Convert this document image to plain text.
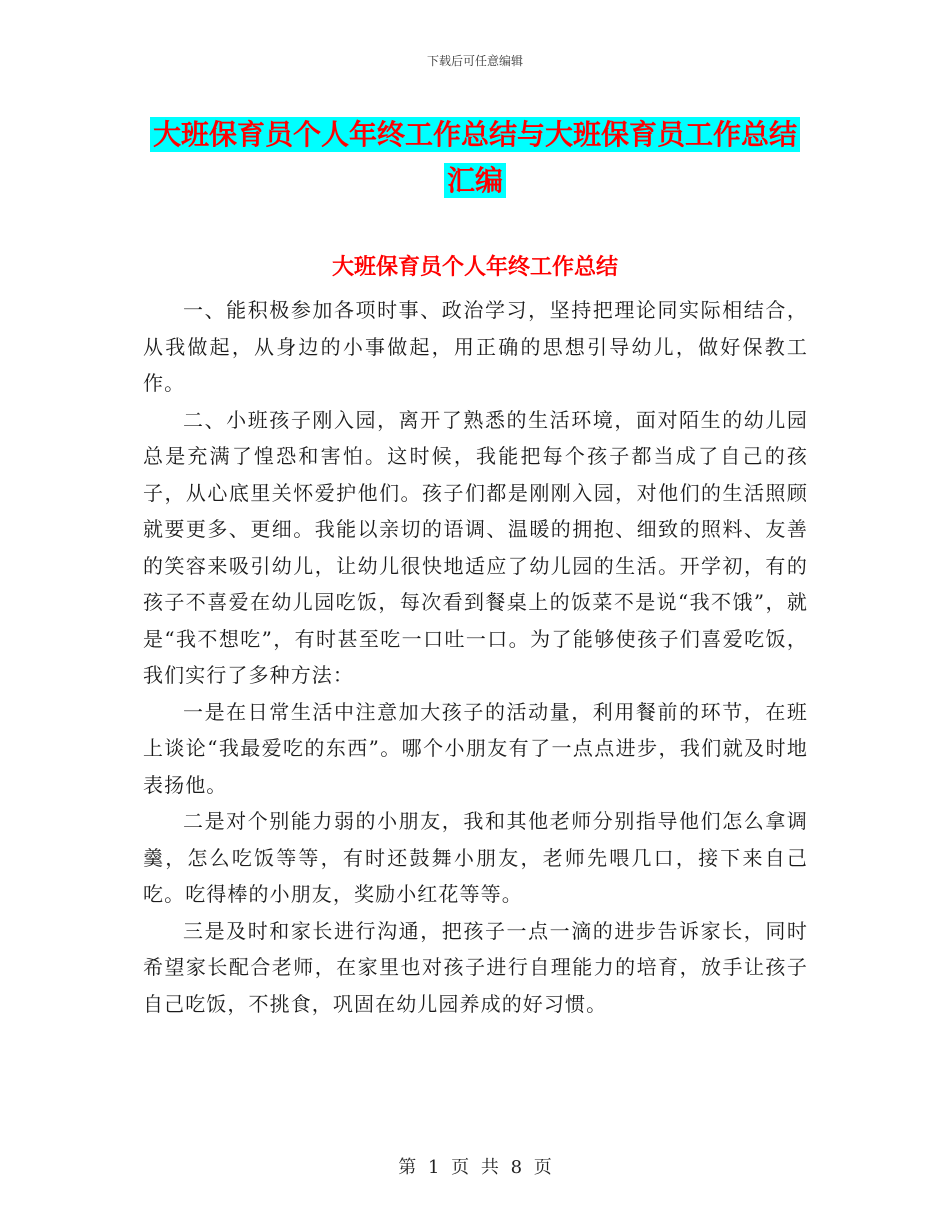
下载后可任意编辑
大班保育员个人年终工作总结与大班保育员工作总结
汇编
大班保育员个人年终工作总结

一、能积极参加各项时事、政治学习，坚持把理论同实际相结合，从我做起，从身边的小事做起，用正确的思想引导幼儿，做好保教工作。

二、小班孩子刚入园，离开了熟悉的生活环境，面对陌生的幼儿园总是充满了惶恐和害怕。这时候，我能把每个孩子都当成了自己的孩子，从心底里关怀爱护他们。孩子们都是刚刚入园，对他们的生活照顾就要更多、更细。我能以亲切的语调、温暖的拥抱、细致的照料、友善的笑容来吸引幼儿，让幼儿很快地适应了幼儿园的生活。开学初，有的孩子不喜爱在幼儿园吃饭，每次看到餐桌上的饭菜不是说“我不饿”，就是“我不想吃”，有时甚至吃一口吐一口。为了能够使孩子们喜爱吃饭，我们实行了多种方法：

一是在日常生活中注意加大孩子的活动量，利用餐前的环节，在班上谈论“我最爱吃的东西”。哪个小朋友有了一点点进步，我们就及时地表扬他。

二是对个别能力弱的小朋友，我和其他老师分别指导他们怎么拿调羹，怎么吃饭等等，有时还鼓舞小朋友，老师先喂几口，接下来自己吃。吃得棒的小朋友，奖励小红花等等。

三是及时和家长进行沟通，把孩子一点一滴的进步告诉家长，同时希望家长配合老师，在家里也对孩子进行自理能力的培育，放手让孩子自己吃饭，不挑食，巩固在幼儿园养成的好习惯。

第 1 页 共 8 页
